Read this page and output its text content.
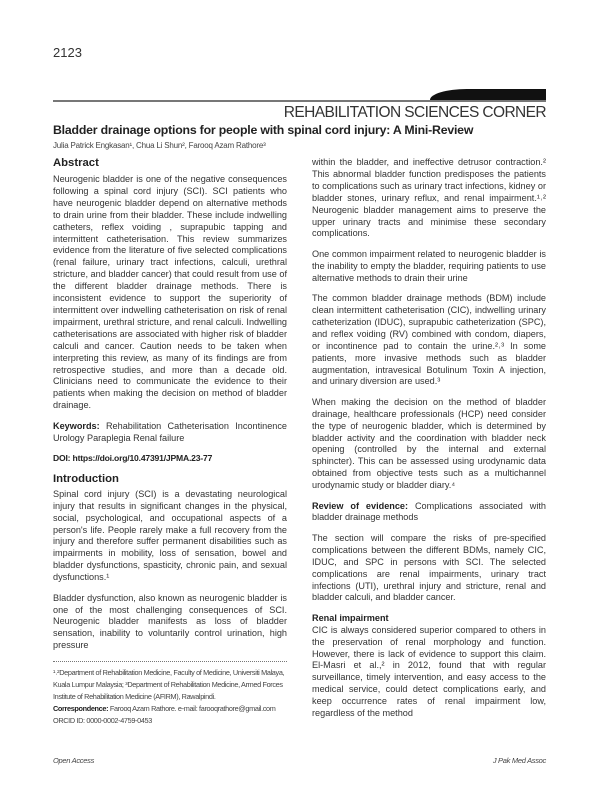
2123
REHABILITATION SCIENCES CORNER
Bladder drainage options for people with spinal cord injury: A Mini-Review
Julia Patrick Engkasan¹, Chua Li Shun², Farooq Azam Rathore³
Abstract

Neurogenic bladder is one of the negative consequences following a spinal cord injury (SCI). SCI patients who have neurogenic bladder depend on alternative methods to drain urine from their bladder. These include indwelling catheters, reflex voiding , suprapubic tapping and intermittent catheterisation. This review summarizes evidence from the literature of five selected complications (renal failure, urinary tract infections, calculi, urethral stricture, and bladder cancer) that could result from use of the different bladder drainage methods. There is inconsistent evidence to support the superiority of intermittent over indwelling catheterisation on risk of renal impairment, urethral stricture, and renal calculi. Indwelling catheterisations are associated with higher risk of bladder calculi and cancer. Caution needs to be taken when interpreting this review, as many of its findings are from retrospective studies, and more than a decade old. Clinicians need to communicate the evidence to their patients when making the decision on method of bladder drainage.

Keywords: Rehabilitation Catheterisation Incontinence Urology Paraplegia Renal failure

DOI: https://doi.org/10.47391/JPMA.23-77

Introduction

Spinal cord injury (SCI) is a devastating neurological injury that results in significant changes in the physical, social, psychological, and occupational aspects of a person's life. People rarely make a full recovery from the injury and therefore suffer permanent disabilities such as impairments in mobility, loss of sensation, bowel and bladder dysfunctions, spasticity, chronic pain, and sexual dysfunctions.¹

Bladder dysfunction, also known as neurogenic bladder is one of the most challenging consequences of SCI. Neurogenic bladder manifests as loss of bladder sensation, inability to voluntarily control urination, high pressure

¹˒²Department of Rehabilitation Medicine, Faculty of Medicine, Universiti Malaya, Kuala Lumpur Malaysia; ³Department of Rehabilitation Medicine, Armed Forces Institute of Rehabilitation Medicine (AFIRM), Rawalpindi.
Correspondence: Farooq Azam Rathore. e-mail: farooqrathore@gmail.com
ORCID ID: 0000-0002-4759-0453

within the bladder, and ineffective detrusor contraction.² This abnormal bladder function predisposes the patients to complications such as urinary tract infections, kidney or bladder stones, urinary reflux, and renal impairment.¹˒² Neurogenic bladder management aims to preserve the upper urinary tracts and minimise these secondary complications.

One common impairment related to neurogenic bladder is the inability to empty the bladder, requiring patients to use alternative methods to drain their urine

The common bladder drainage methods (BDM) include clean intermittent catheterisation (CIC), indwelling urinary catheterization (IDUC), suprapubic catheterization (SPC), and reflex voiding (RV) combined with condom, diapers, or incontinence pad to contain the urine.²˒³ In some patients, more invasive methods such as bladder augmentation, intravesical Botulinum Toxin A injection, and urinary diversion are used.³

When making the decision on the method of bladder drainage, healthcare professionals (HCP) need consider the type of neurogenic bladder, which is determined by bladder activity and the coordination with bladder neck opening (controlled by the internal and external sphincter). This can be assessed using urodynamic data obtained from objective tests such as a multichannel urodynamic study or bladder diary.⁴

Review of evidence: Complications associated with bladder drainage methods

The section will compare the risks of pre-specified complications between the different BDMs, namely CIC, IDUC, and SPC in persons with SCI. The selected complications are renal impairments, urinary tract infections (UTI), urethral injury and stricture, renal and bladder calculi, and bladder cancer.

Renal impairment

CIC is always considered superior compared to others in the preservation of renal morphology and function. However, there is lack of evidence to support this claim. El-Masri et al.,² in 2012, found that with regular surveillance, timely intervention, and easy access to the medical service, could detect complications early, and keep occurrence rates of renal impairment low, regardless of the method

Open Access	J Pak Med Assoc
